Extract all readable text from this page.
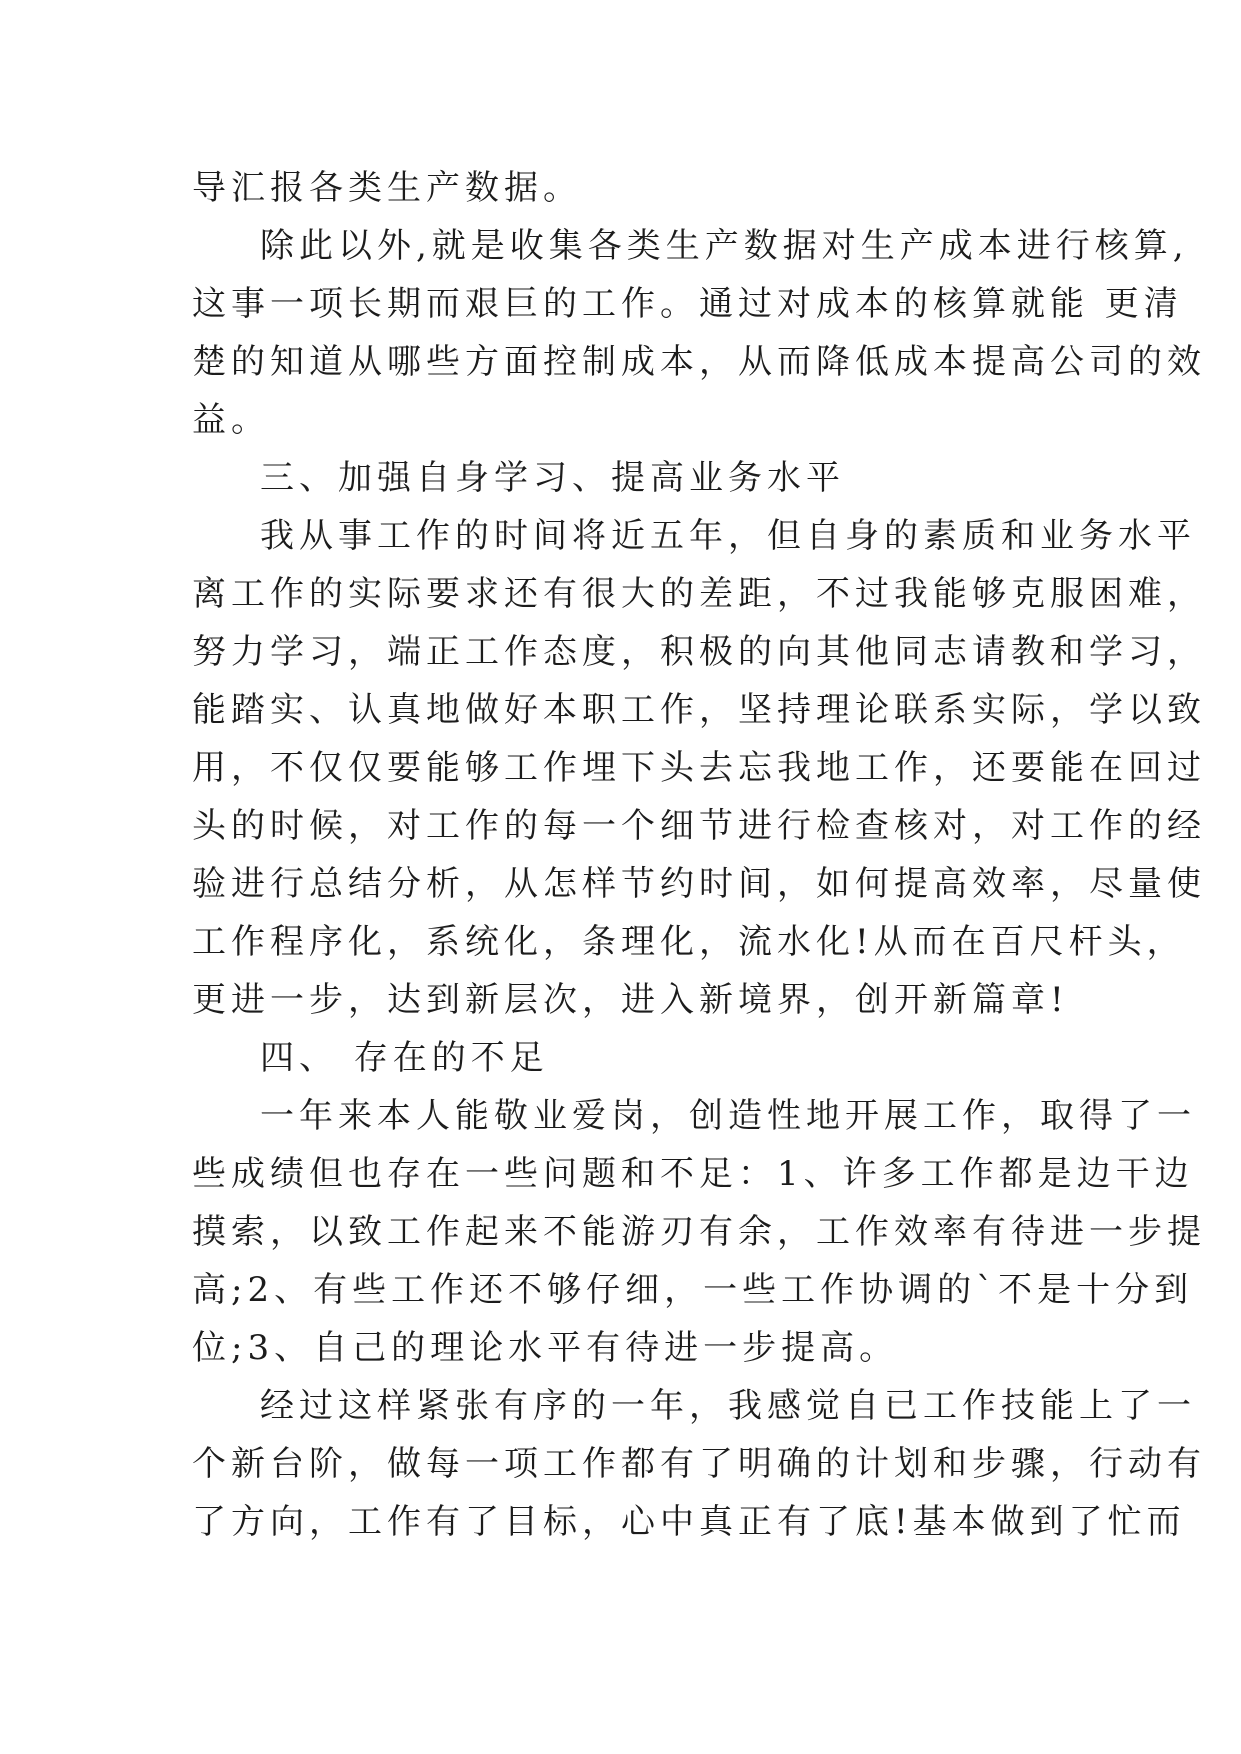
导汇报各类生产数据。
除此以外,就是收集各类生产数据对生产成本进行核算,
这事一项长期而艰巨的工作。通过对成本的核算就能 更清
楚的知道从哪些方面控制成本，从而降低成本提高公司的效
益。
三、加强自身学习、提高业务水平
我从事工作的时间将近五年，但自身的素质和业务水平
离工作的实际要求还有很大的差距，不过我能够克服困难，
努力学习，端正工作态度，积极的向其他同志请教和学习，
能踏实、认真地做好本职工作，坚持理论联系实际，学以致
用，不仅仅要能够工作埋下头去忘我地工作，还要能在回过
头的时候，对工作的每一个细节进行检查核对，对工作的经
验进行总结分析，从怎样节约时间，如何提高效率，尽量使
工作程序化，系统化，条理化，流水化!从而在百尺杆头，
更进一步，达到新层次，进入新境界，创开新篇章!
四、 存在的不足
一年来本人能敬业爱岗，创造性地开展工作，取得了一
些成绩但也存在一些问题和不足：1、许多工作都是边干边
摸索，以致工作起来不能游刃有余，工作效率有待进一步提
高;2、有些工作还不够仔细，一些工作协调的`不是十分到
位;3、自己的理论水平有待进一步提高。
经过这样紧张有序的一年，我感觉自已工作技能上了一
个新台阶，做每一项工作都有了明确的计划和步骤，行动有
了方向，工作有了目标，心中真正有了底!基本做到了忙而
